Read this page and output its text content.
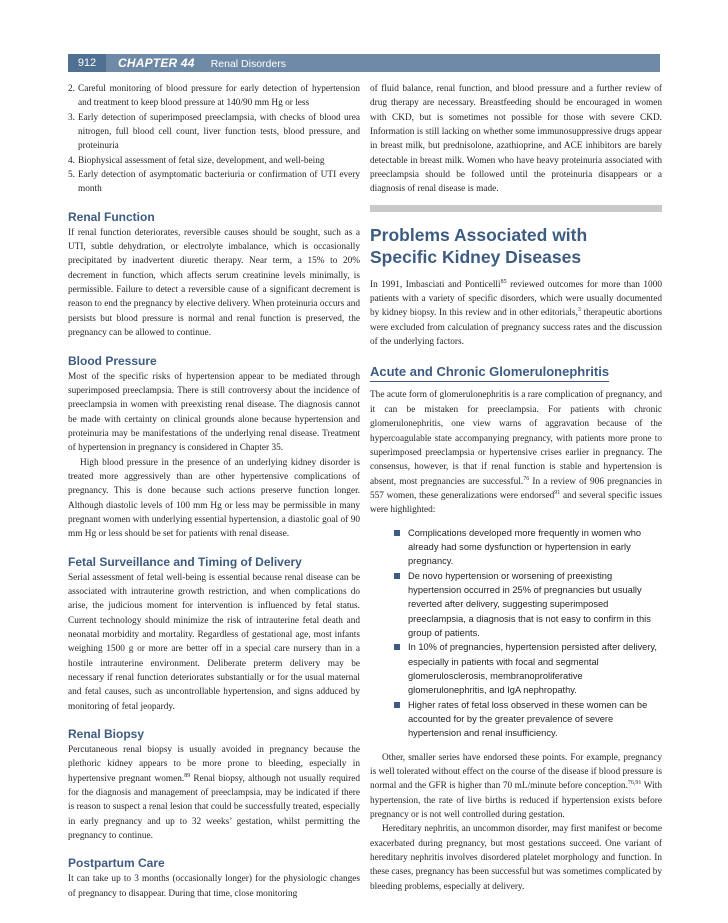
912	CHAPTER 44 Renal Disorders
2. Careful monitoring of blood pressure for early detection of hypertension and treatment to keep blood pressure at 140/90 mm Hg or less
3. Early detection of superimposed preeclampsia, with checks of blood urea nitrogen, full blood cell count, liver function tests, blood pressure, and proteinuria
4. Biophysical assessment of fetal size, development, and well-being
5. Early detection of asymptomatic bacteriuria or confirmation of UTI every month
Renal Function

If renal function deteriorates, reversible causes should be sought, such as a UTI, subtle dehydration, or electrolyte imbalance, which is occasionally precipitated by inadvertent diuretic therapy. Near term, a 15% to 20% decrement in function, which affects serum creatinine levels minimally, is permissible. Failure to detect a reversible cause of a significant decrement is reason to end the pregnancy by elective delivery. When proteinuria occurs and persists but blood pressure is normal and renal function is preserved, the pregnancy can be allowed to continue.

Blood Pressure

Most of the specific risks of hypertension appear to be mediated through superimposed preeclampsia. There is still controversy about the incidence of preeclampsia in women with preexisting renal disease. The diagnosis cannot be made with certainty on clinical grounds alone because hypertension and proteinuria may be manifestations of the underlying renal disease. Treatment of hypertension in pregnancy is considered in Chapter 35.

High blood pressure in the presence of an underlying kidney disorder is treated more aggressively than are other hypertensive complications of pregnancy. This is done because such actions preserve function longer. Although diastolic levels of 100 mm Hg or less may be permissible in many pregnant women with underlying essential hypertension, a diastolic goal of 90 mm Hg or less should be set for patients with renal disease.

Fetal Surveillance and Timing of Delivery

Serial assessment of fetal well-being is essential because renal disease can be associated with intrauterine growth restriction, and when complications do arise, the judicious moment for intervention is influenced by fetal status. Current technology should minimize the risk of intrauterine fetal death and neonatal morbidity and mortality. Regardless of gestational age, most infants weighing 1500 g or more are better off in a special care nursery than in a hostile intrauterine environment. Deliberate preterm delivery may be necessary if renal function deteriorates substantially or for the usual maternal and fetal causes, such as uncontrollable hypertension, and signs adduced by monitoring of fetal jeopardy.

Renal Biopsy

Percutaneous renal biopsy is usually avoided in pregnancy because the plethoric kidney appears to be more prone to bleeding, especially in hypertensive pregnant women.$^{89}$ Renal biopsy, although not usually required for the diagnosis and management of preeclampsia, may be indicated if there is reason to suspect a renal lesion that could be successfully treated, especially in early pregnancy and up to 32 weeks’ gestation, whilst permitting the pregnancy to continue.

Postpartum Care

It can take up to 3 months (occasionally longer) for the physiologic changes of pregnancy to disappear. During that time, close monitoring

of fluid balance, renal function, and blood pressure and a further review of drug therapy are necessary. Breastfeeding should be encouraged in women with CKD, but is sometimes not possible for those with severe CKD. Information is still lacking on whether some immunosuppressive drugs appear in breast milk, but prednisolone, azathioprine, and ACE inhibitors are barely detectable in breast milk. Women who have heavy proteinuria associated with preeclampsia should be followed until the proteinuria disappears or a diagnosis of renal disease is made.

Problems Associated with
Specific Kidney Diseases

In 1991, Imbasciati and Ponticelli$^{85}$ reviewed outcomes for more than 1000 patients with a variety of specific disorders, which were usually documented by kidney biopsy. In this review and in other editorials,$^3$ therapeutic abortions were excluded from calculation of pregnancy success rates and the discussion of the underlying factors.

Acute and Chronic Glomerulonephritis

The acute form of glomerulonephritis is a rare complication of pregnancy, and it can be mistaken for preeclampsia. For patients with chronic glomerulonephritis, one view warns of aggravation because of the hypercoagulable state accompanying pregnancy, with patients more prone to superimposed preeclampsia or hypertensive crises earlier in pregnancy. The consensus, however, is that if renal function is stable and hypertension is absent, most pregnancies are successful.$^{76}$ In a review of 906 pregnancies in 557 women, these generalizations were endorsed$^{91}$ and several specific issues were highlighted:

Complications developed more frequently in women who already had some dysfunction or hypertension in early pregnancy.
De novo hypertension or worsening of preexisting hypertension occurred in 25% of pregnancies but usually reverted after delivery, suggesting superimposed preeclampsia, a diagnosis that is not easy to confirm in this group of patients.
In 10% of pregnancies, hypertension persisted after delivery, especially in patients with focal and segmental glomerulosclerosis, membranoproliferative glomerulonephritis, and IgA nephropathy.
Higher rates of fetal loss observed in these women can be accounted for by the greater prevalence of severe hypertension and renal insufficiency.

Other, smaller series have endorsed these points. For example, pregnancy is well tolerated without effect on the course of the disease if blood pressure is normal and the GFR is higher than 70 mL/minute before conception.$^{76,91}$ With hypertension, the rate of live births is reduced if hypertension exists before pregnancy or is not well controlled during gestation.

Hereditary nephritis, an uncommon disorder, may first manifest or become exacerbated during pregnancy, but most gestations succeed. One variant of hereditary nephritis involves disordered platelet morphology and function. In these cases, pregnancy has been successful but was sometimes complicated by bleeding problems, especially at delivery.
